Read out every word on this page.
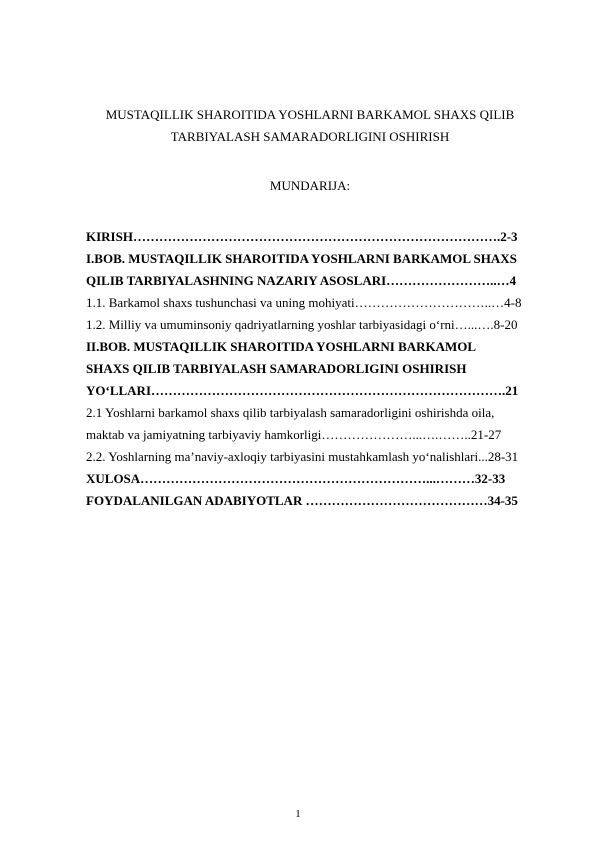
MUSTAQILLIK SHAROITIDA YOSHLARNI BARKAMOL SHAXS QILIB
TARBIYALASH SAMARADORLIGINI OSHIRISH
MUNDARIJA:
KIRISH………………………………………………………………………….2-3
I.BOB. MUSTAQILLIK SHAROITIDA YOSHLARNI BARKAMOL SHAXS
QILIB TARBIYALASHNING NAZARIY ASOSLARI……………………..…4
1.1. Barkamol shaxs tushunchasi va uning mohiyati…………………………..…4-8
1.2. Milliy va umuminsoniy qadriyatlarning yoshlar tarbiyasidagi o‘rni…...….8-20
II.BOB. MUSTAQILLIK SHAROITIDA YOSHLARNI BARKAMOL
SHAXS QILIB TARBIYALASH SAMARADORLIGINI OSHIRISH
YO‘LLARI……………………………………………………………………….21
2.1 Yoshlarni barkamol shaxs qilib tarbiyalash samaradorligini oshirishda oila,
maktab va jamiyatning tarbiyaviy hamkorligi…………………...….……..21-27
2.2. Yoshlarning ma’naviy-axloqiy tarbiyasini mustahkamlash yo‘nalishlari...28-31
XULOSA…………………………………………………………...………32-33
FOYDALANILGAN ADABIYOTLAR ……………………………………34-35
1
